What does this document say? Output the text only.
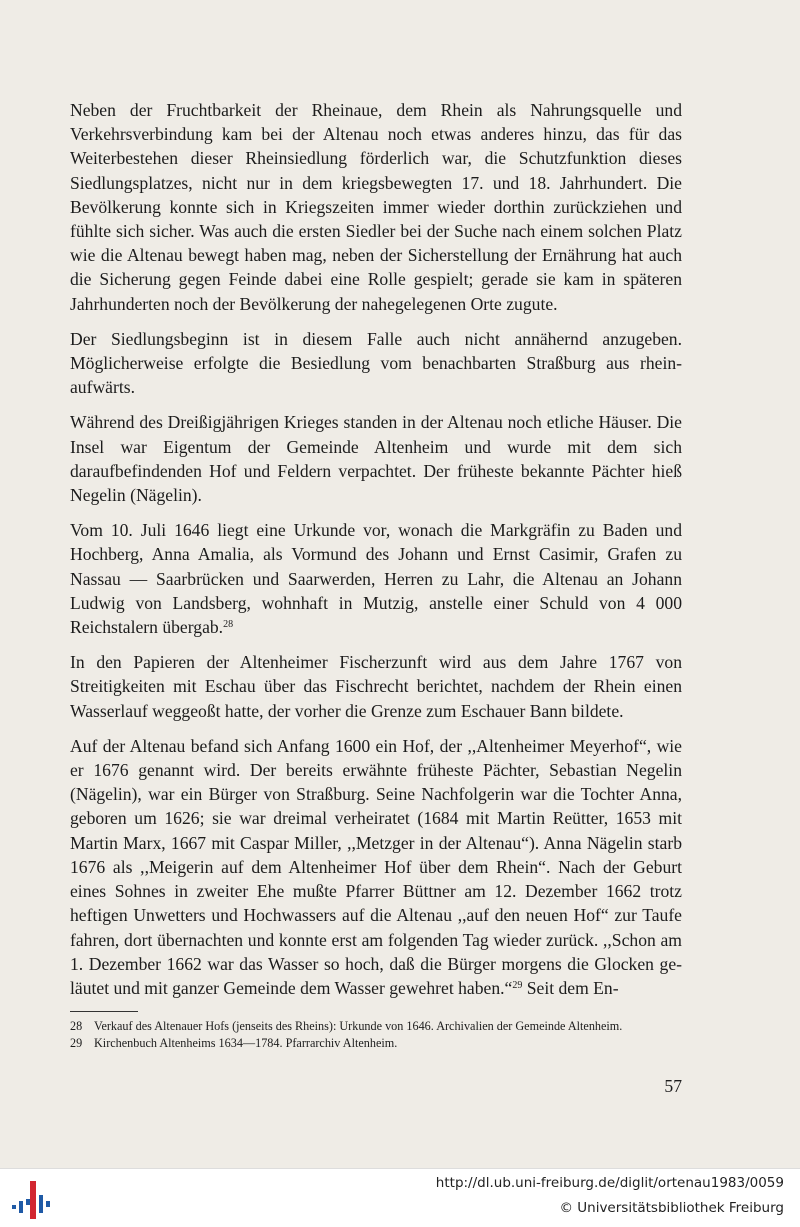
Neben der Fruchtbarkeit der Rheinaue, dem Rhein als Nahrungsquelle und Verkehrsverbindung kam bei der Altenau noch etwas anderes hinzu, das für das Weiterbestehen dieser Rheinsiedlung förderlich war, die Schutzfunktion dieses Siedlungsplatzes, nicht nur in dem kriegsbewegten 17. und 18. Jahrhundert. Die Bevölkerung konnte sich in Kriegszeiten immer wieder dorthin zurückziehen und fühlte sich sicher. Was auch die ersten Siedler bei der Suche nach einem solchen Platz wie die Altenau bewegt haben mag, neben der Sicherstellung der Ernährung hat auch die Sicherung gegen Feinde dabei eine Rolle gespielt; gerade sie kam in späteren Jahrhunderten noch der Bevölkerung der nahegelegenen Orte zugute.

Der Siedlungsbeginn ist in diesem Falle auch nicht annähernd anzugeben. Möglicherweise erfolgte die Besiedlung vom benachbarten Straßburg aus rheinaufwärts.

Während des Dreißigjährigen Krieges standen in der Altenau noch etliche Häuser. Die Insel war Eigentum der Gemeinde Altenheim und wurde mit dem sich daraufbefindenden Hof und Feldern verpachtet. Der früheste bekannte Pächter hieß Negelin (Nägelin).

Vom 10. Juli 1646 liegt eine Urkunde vor, wonach die Markgräfin zu Baden und Hochberg, Anna Amalia, als Vormund des Johann und Ernst Casimir, Grafen zu Nassau — Saarbrücken und Saarwerden, Herren zu Lahr, die Altenau an Johann Ludwig von Landsberg, wohnhaft in Mutzig, anstelle einer Schuld von 4 000 Reichstalern übergab.$^{28}$

In den Papieren der Altenheimer Fischerzunft wird aus dem Jahre 1767 von Streitigkeiten mit Eschau über das Fischrecht berichtet, nachdem der Rhein einen Wasserlauf weggeoßt hatte, der vorher die Grenze zum Eschauer Bann bildete.

Auf der Altenau befand sich Anfang 1600 ein Hof, der ,,Altenheimer Meyerhof“, wie er 1676 genannt wird. Der bereits erwähnte früheste Pächter, Sebastian Negelin (Nägelin), war ein Bürger von Straßburg. Seine Nachfolgerin war die Tochter Anna, geboren um 1626; sie war dreimal verheiratet (1684 mit Martin Reütter, 1653 mit Martin Marx, 1667 mit Caspar Miller, ,,Metzger in der Altenau“). Anna Nägelin starb 1676 als ,,Meigerin auf dem Altenheimer Hof über dem Rhein“. Nach der Geburt eines Sohnes in zweiter Ehe mußte Pfarrer Büttner am 12. Dezember 1662 trotz heftigen Unwetters und Hochwassers auf die Altenau ,,auf den neuen Hof“ zur Taufe fahren, dort übernachten und konnte erst am folgenden Tag wieder zurück. ,,Schon am 1. Dezember 1662 war das Wasser so hoch, daß die Bürger morgens die Glocken geläutet und mit ganzer Gemeinde dem Wasser gewehret haben.“$^{29}$ Seit dem En-

28 Verkauf des Altenauer Hofs (jenseits des Rheins): Urkunde von 1646. Archivalien der Gemeinde Altenheim.
29 Kirchenbuch Altenheims 1634—1784. Pfarrarchiv Altenheim.
57
http://dl.ub.uni-freiburg.de/diglit/ortenau1983/0059
© Universitätsbibliothek Freiburg
